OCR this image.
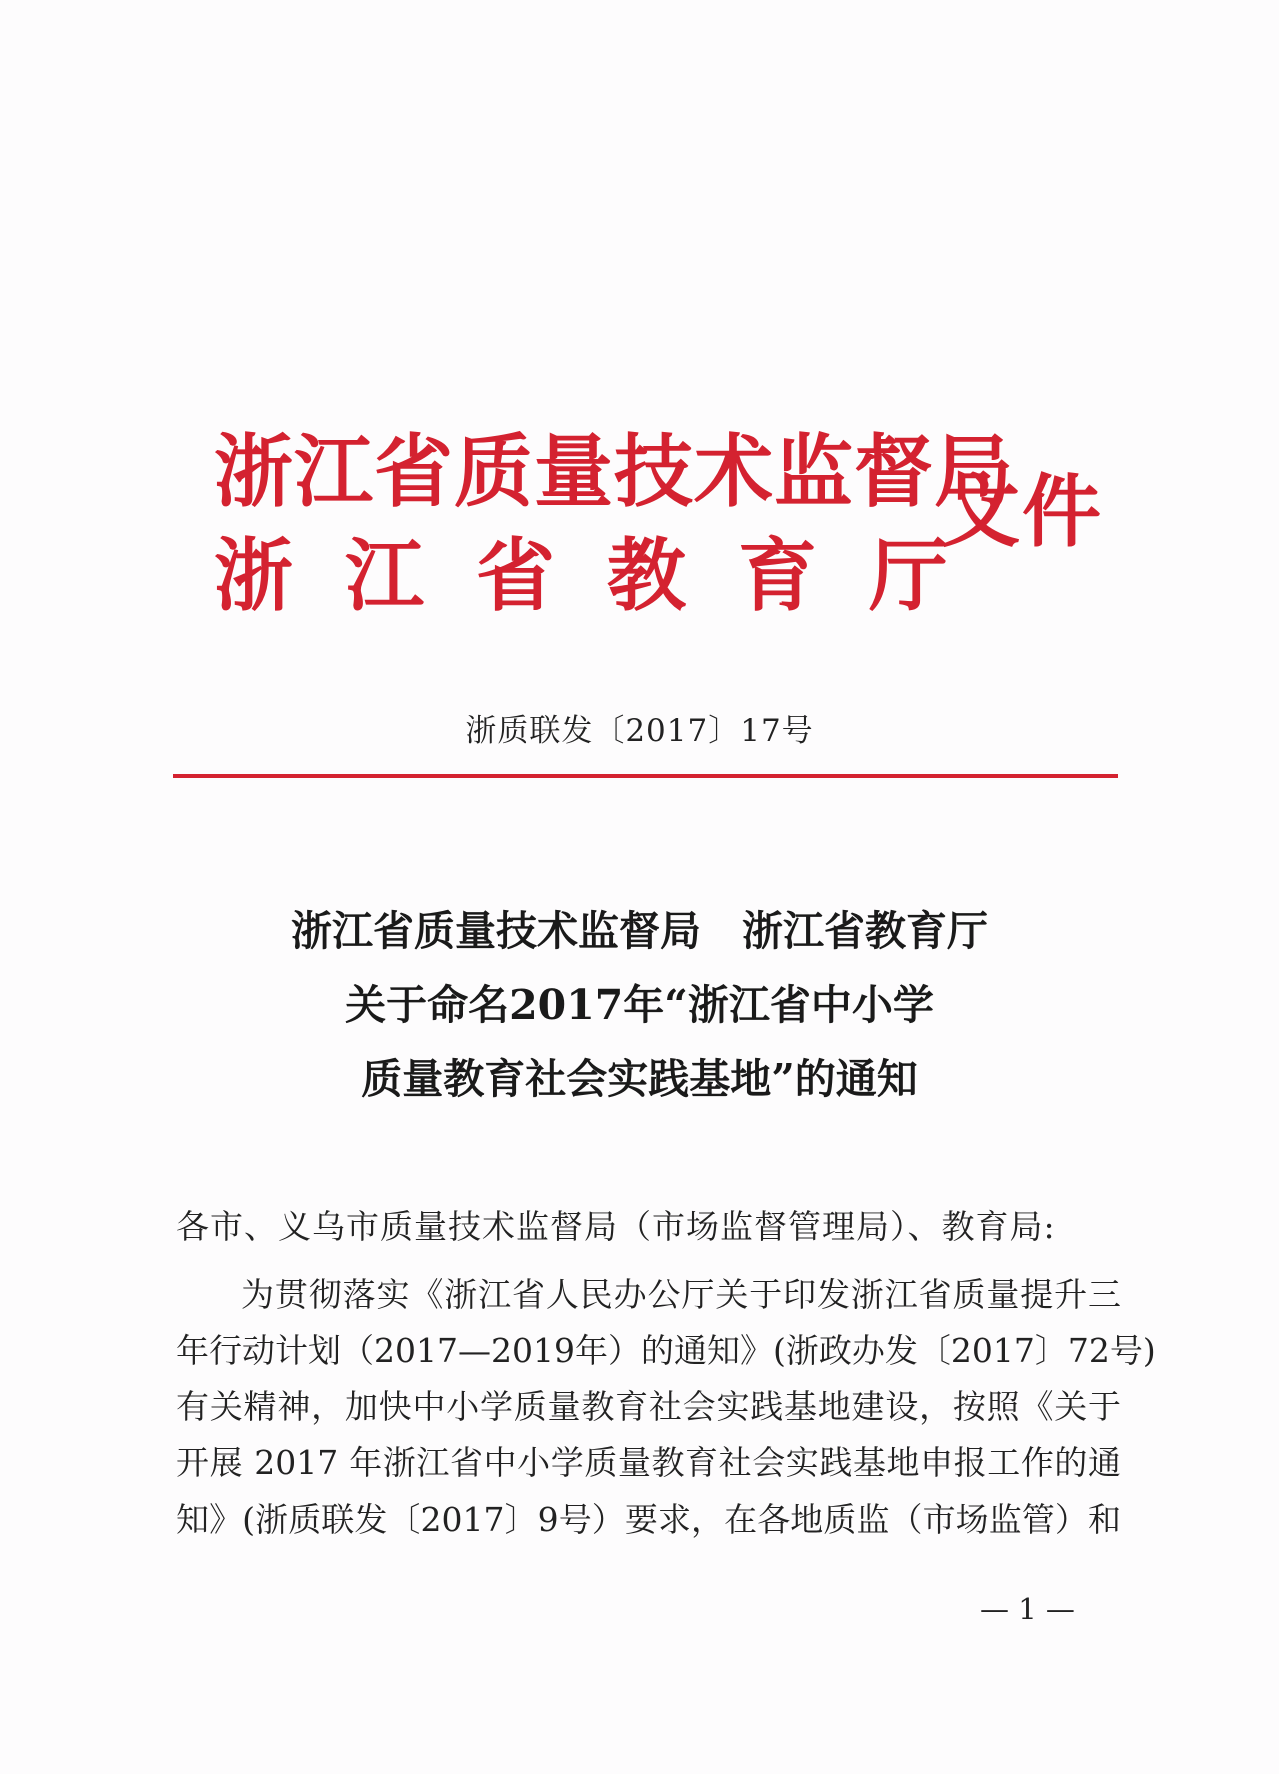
浙江省质量技术监督局
浙江省教育厅
文件
浙质联发〔2017〕17号
浙江省质量技术监督局　浙江省教育厅
关于命名2017年“浙江省中小学
质量教育社会实践基地”的通知
各市、义乌市质量技术监督局（市场监督管理局）、教育局:
为贯彻落实《浙江省人民办公厅关于印发浙江省质量提升三
年行动计划（2017—2019年）的通知》(浙政办发〔2017〕72号)
有关精神，加快中小学质量教育社会实践基地建设，按照《关于
开展 2017 年浙江省中小学质量教育社会实践基地申报工作的通
知》(浙质联发〔2017〕9号）要求，在各地质监（市场监管）和
— 1 —
